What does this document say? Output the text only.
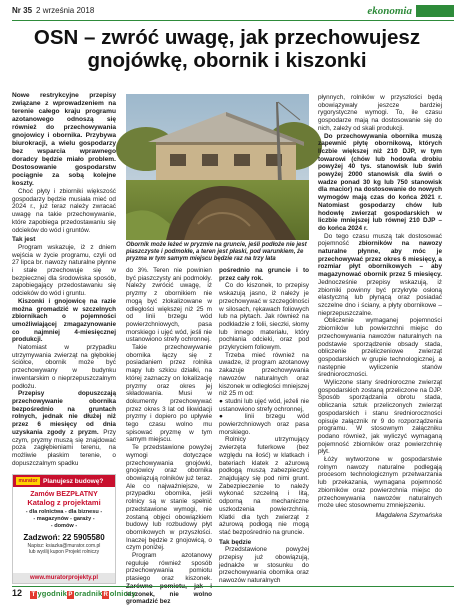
Nr 35 2 września 2018	ekonomia
OSN – zwróć uwagę, jak przechowujesz gnojówkę, obornik i kiszonki

Nowe restrykcyjne przepisy związane z wprowadzeniem na terenie całego kraju programu azotanowego odnoszą się również do przechowywania gnojowicy i obornika. Przybywa biurokracji, a wielu gospodarzy bez wsparcia wprawnego doradcy będzie miało problem. Dostosowanie gospodarstw pociągnie za sobą kolejne koszty.

Choć płyty i zbiorniki większość gospodarzy będzie musiała mieć od 2024 r., już teraz należy zwracać uwagę na takie przechowywanie, które zapobiega przedostawaniu się odcieków do wód i gruntów.

Tak jest

Program wskazuje, iż z dniem wejścia w życie programu, czyli od 27 lipca br. nawozy naturalne płynne i stałe przechowuje się w bezpiecznej dla środowiska sposób, zapobiegający przedostawaniu się odcieków do wód i gruntu.

Kiszonki i gnojowicę na razie można gromadzić w szczelnych zbiornikach o pojemności umożliwiającej zmagazynowanie co najmniej 4-miesięcznej produkcji.

Natomiast w przypadku utrzymywania zwierząt na głębokiej ściółce, obornik może być przechowywany w budynku inwentarskim o nieprzepuszczalnym podłożu.

Przepisy dopuszczają przechowywanie obornika bezpośrednio na gruntach rolnych, jednak nie dłużej niż przez 6 miesięcy od dnia uzyskania zgody z pryzm. Przy czym, pryzmy muszą się znajdować poza zagłębieniami terenu, na możliwie płaskim terenie, o dopuszczalnym spadku

Obornik może leżeć w pryzmie na gruncie, jeśli podłoże nie jest piaszczyste i podmokłe, a teren jest płaski, pod warunkiem, że pryzma w tym samym miejscu będzie raz na trzy lata

do 3%. Teren nie powinien być piaszczysty ani podmokły. Należy zwrócić uwagę, iż pryzmy z obornikiem nie mogą być zlokalizowane w odległości większej niż 25 m od linii brzegu wód powierzchniowych, pasa morskiego i ujęć wód, jeśli nie ustanowiono strefy ochronnej.

Takie przechowywanie obornika łączy się z posiadaniem przez rolnika mapy lub szkicu działki, na której zaznaczy on lokalizację pryzmy oraz okres jej składowania. Musi w dokumenty przechowywać przez okres 3 lat od likwidacji pryzmy i dopiero po upływie tego czasu wolno mu spisować pryzmę w tym samym miejscu.

Te przedstawione powyżej wymogi dotyczące przechowywania gnojówki, gnojowicy oraz obornika obowiązują rolników już teraz. Ale co najważniejsze, w przypadku obornika, jeśli rolnicy są w stanie spełnić przedstawione wymogi, nie zostaną objęci obowiązkiem budowy lub rozbudowy płyt obornikowych w przyszłości. Inaczej będzie z gnojowicą, o czym poniżej.

Program azotanowy reguluje również sposób przechowywania pomiotu ptasiego oraz kiszonek. kiszonek, nie wolno gromadzić bez

pośrednio na gruncie i to przez cały rok.

Co do kiszonek, to przepisy wskazują jasno, iż należy je przechowywać w szczególności w silosach, rękawach foliowych lub na płytach. Jak również na podkładzie z folii, sieczki, słomy lub innego materiału, który pochłania odcieki, oraz pod przykryciem foliowym.

Trzeba mieć również na uwadze, iż program azotanowy zakazuje przechowywania nawozów naturalnych oraz kiszonek w odległości mniejszej niż 25 m od:

● studni lub ujęć wód, jeżeli nie ustanowiono strefy ochronnej,

● linii brzegu wód powierzchniowych oraz pasa morskiego.

Rolnicy utrzymujący zwierzęta futerkowe (bez względu na ilość) w klatkach i bateriach klatek z ażurową podłogą muszą zabezpieczyć znajdujący się pod nimi grunt. Zabezpieczenie to należy wykonać szczelną i litą, odporną na mechaniczne uszkodzenia powierzchnią. Klatki dla tych zwierząt z ażurową podłogą nie mogą stać bezpośrednio na gruncie.

Tak będzie

Przedstawione powyżej przepisy już obowiązują, jednakże w stosunku do przechowywania obornika oraz nawozów naturalnych

płynnych, rolników w przyszłości będą obowiązywały jeszcze bardziej rygorystyczne wymogi. To, ile czasu gospodarze mają na dostosowanie się do nich, zależy od skali produkcji.

Do przechowywania obornika muszą zapewnić płytę obornikową, których liczbie większej niż 210 DJP, w tym towarowi (chów lub hodowla drobiu powyżej 40 tys. stanowisk lub świń powyżej 2000 stanowisk dla świń o wadze ponad 30 kg lub 750 stanowisk dla macior) na dostosowanie do nowych wymogów mają czas do końca 2021 r. Natomiast gospodarzy chów lub hodowlę zwierząt gospodarskich w liczbie mniejszej lub równej 210 DJP – do końca 2024 r.

Do tego czasu muszą tak dostosować pojemność zbiorników na nawozy naturalne płynne, aby móc je przechowywać przez okres 6 miesięcy, a rozmiar płyt obornikowych – aby magazynować obornik przez 5 miesięcy. Jednocześnie przepisy wskazują, iż zbiorniki powinny być przykryte osłoną elastyczną lub płynącą oraz posiadać szczelne dno i ściany, a płyty obornikowe – nieprzepuszczalne.

Obliczenie wymaganej pojemności zbiorników lub powierzchni miejsc do przechowywania nawozów naturalnych na podstawie sporządzenie obsady stada, obliczenie przeliczeniowe zwierząt gospodarskich w grupie technologicznej, a następnie wyliczenie stanów średnioroczności.

Wyliczone stany średnioroczne zwierząt gospodarskich zostaną przeliczone na DJP. Sposób sporządzania obrotu stada, obliczania sztuk przeliczonych zwierząt gospodarskich i stanu średnioroczności opisuje załącznik nr 9 do rozporządzenia programu. W stosownym załączniku podano również, jak wyliczyć wymaganą pojemność zbiorników oraz powierzchnię płyt.

Łóży wytworzone w gospodarstwie rolnym nawozy naturalne podlegają procesom technologicznym przetwarzania lub przekazania, wymagana pojemność zbiorników oraz powierzchnia miejsc do przechowywania nawozów naturalnych może ulec stosownemu zmniejszeniu.

Magdalena Szymańska

Planujesz budowę?
murator
Zamów BEZPŁATNY
Katalog z projektami
- dla rolnictwa - dla biznesu -
- magazynów - garaży -
- domów -
Zadzwoń: 22 5905580
Napisz: ksiazka@murator.com.pl
lub wyślij kupon Projekt rolniczy
www.muratorprojekty.pl
12 T ygodnikP oradnikR olniczy
